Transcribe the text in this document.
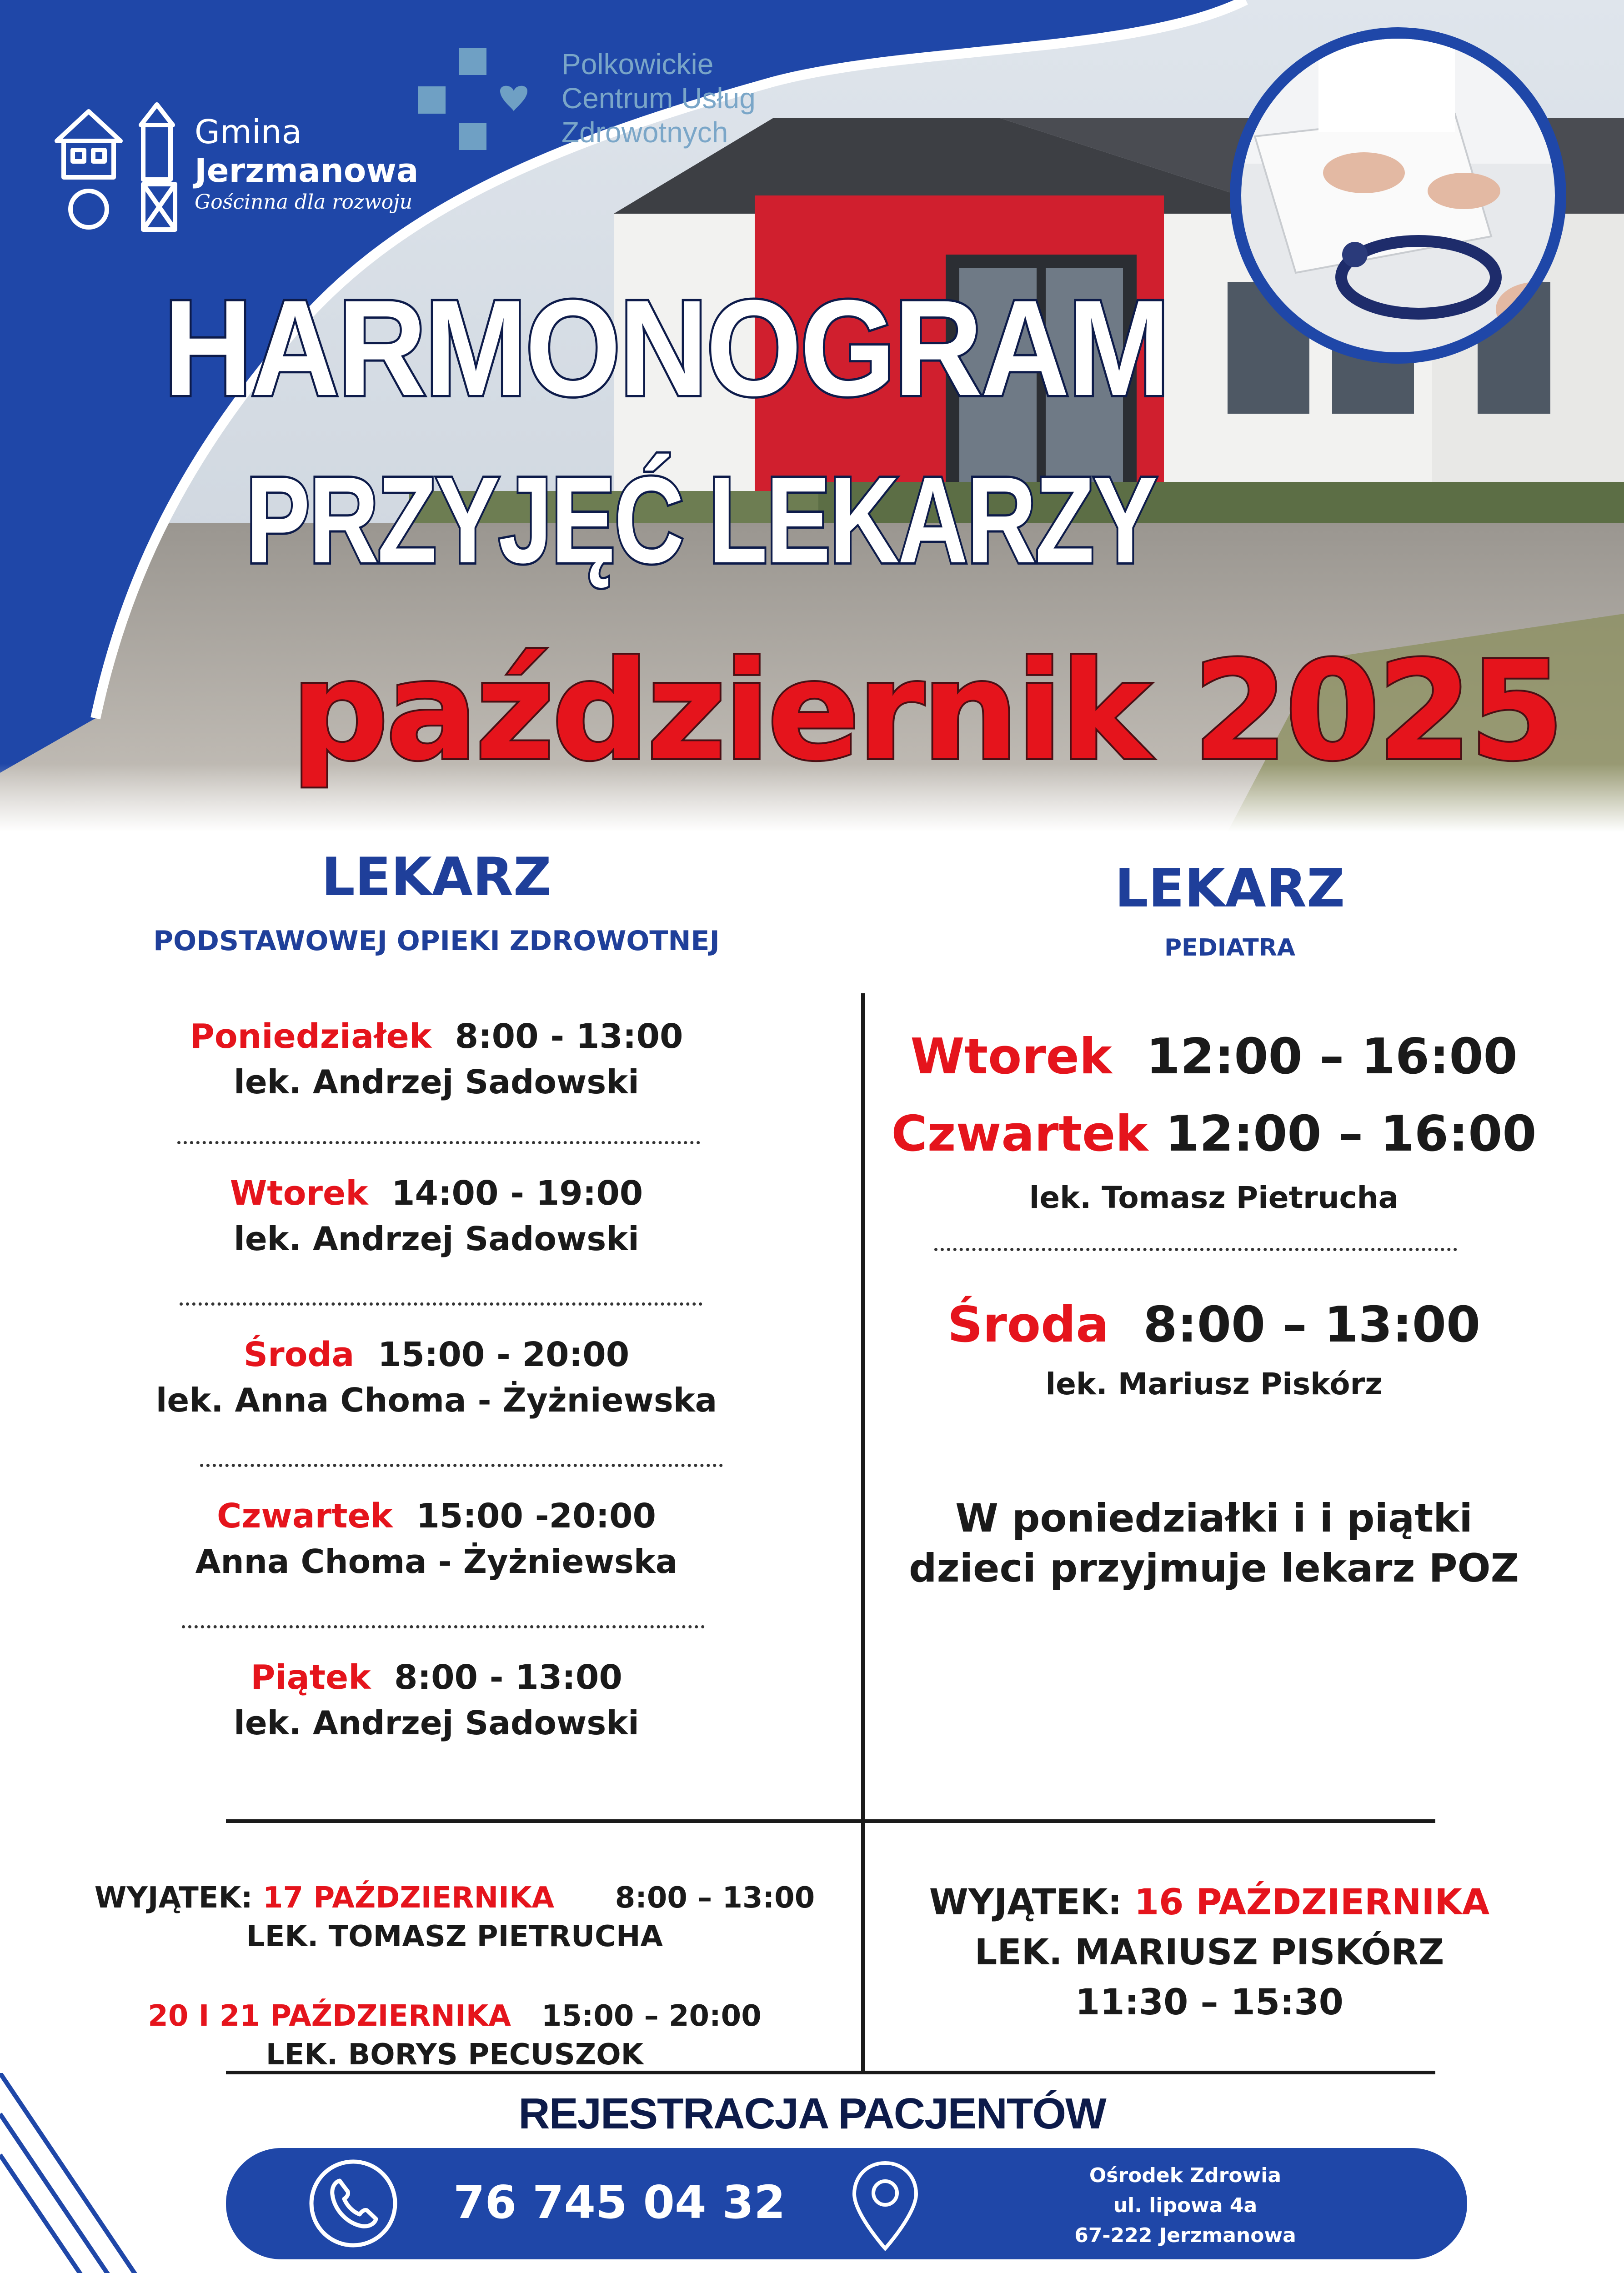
Gmina
Jerzmanowa
Gościnna dla rozwoju
Polkowickie
Centrum Usług
Zdrowotnych
HARMONOGRAM
PRZYJĘĆ LEKARZY
październik 2025
LEKARZ
PODSTAWOWEJ OPIEKI ZDROWOTNEJ
LEKARZ
PEDIATRA
Poniedziałek 8:00 - 13:00
lek. Andrzej Sadowski
Wtorek 14:00 - 19:00
lek. Andrzej Sadowski
Środa 15:00 - 20:00
lek. Anna Choma - Żyżniewska
Czwartek 15:00 -20:00
Anna Choma - Żyżniewska
Piątek 8:00 - 13:00
lek. Andrzej Sadowski
Wtorek 12:00 – 16:00
Czwartek 12:00 – 16:00
lek. Tomasz Pietrucha
Środa 8:00 – 13:00
lek. Mariusz Piskórz
W poniedziałki i i piątki
dzieci przyjmuje lekarz POZ
WYJĄTEK: 17 PAŹDZIERNIKA 8:00 – 13:00
LEK. TOMASZ PIETRUCHA
20 I 21 PAŹDZIERNIKA 15:00 – 20:00
LEK. BORYS PECUSZOK
WYJĄTEK: 16 PAŹDZIERNIKA
LEK. MARIUSZ PISKÓRZ
11:30 – 15:30
REJESTRACJA PACJENTÓW
76 745 04 32
Ośrodek Zdrowia
ul. lipowa 4a
67-222 Jerzmanowa
